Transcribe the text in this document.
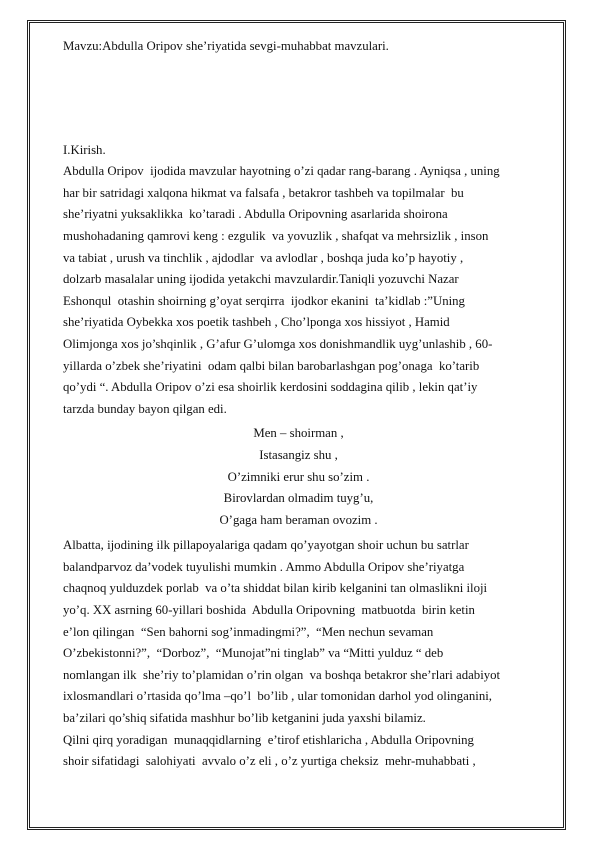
Mavzu:Abdulla Oripov she’riyatida sevgi-muhabbat mavzulari.
I.Kirish.
Abdulla Oripov  ijodida mavzular hayotning o’zi qadar rang-barang . Ayniqsa , uning
har bir satridagi xalqona hikmat va falsafa , betakror tashbeh va topilmalar  bu
she’riyatni yuksaklikka  ko’taradi . Abdulla Oripovning asarlarida shoirona
mushohadaning qamrovi keng : ezgulik  va yovuzlik , shafqat va mehrsizlik , inson
va tabiat , urush va tinchlik , ajdodlar  va avlodlar , boshqa juda ko’p hayotiy ,
dolzarb masalalar uning ijodida yetakchi mavzulardir.Taniqli yozuvchi Nazar
Eshonqul  otashin shoirning g’oyat serqirra  ijodkor ekanini  ta’kidlab :”Uning
she’riyatida Oybekka xos poetik tashbeh , Cho’lponga xos hissiyot , Hamid
Olimjonga xos jo’shqinlik , G’afur G’ulomga xos donishmandlik uyg’unlashib , 60-
yillarda o’zbek she’riyatini  odam qalbi bilan barobarlashgan pog’onaga  ko’tarib
qo’ydi “. Abdulla Oripov o’zi esa shoirlik kerdosini soddagina qilib , lekin qat’iy
tarzda bunday bayon qilgan edi.
Men – shoirman ,
Istasangiz shu ,
O’zimniki erur shu so’zim .
Birovlardan olmadim tuyg’u,
O’gaga ham beraman ovozim .
Albatta, ijodining ilk pillapoyalariga qadam qo’yayotgan shoir uchun bu satrlar
balandparvoz da’vodek tuyulishi mumkin . Ammo Abdulla Oripov she’riyatga
chaqnoq yulduzdek porlab  va o’ta shiddat bilan kirib kelganini tan olmaslikni iloji
yo’q. XX asrning 60-yillari boshida  Abdulla Oripovning  matbuotda  birin ketin
e’lon qilingan  “Sen bahorni sog’inmadingmi?”,  “Men nechun sevaman
O’zbekistonni?”,  “Dorboz”,  “Munojat”ni tinglab” va “Mitti yulduz “ deb
nomlangan ilk  she’riy to’plamidan o’rin olgan  va boshqa betakror she’rlari adabiyot
ixlosmandlari o’rtasida qo’lma –qo’l  bo’lib , ular tomonidan darhol yod olinganini,
ba’zilari qo’shiq sifatida mashhur bo’lib ketganini juda yaxshi bilamiz.
Qilni qirq yoradigan  munaqqidlarning  e’tirof etishlaricha , Abdulla Oripovning
shoir sifatidagi  salohiyati  avvalo o’z eli , o’z yurtiga cheksiz  mehr-muhabbati ,
